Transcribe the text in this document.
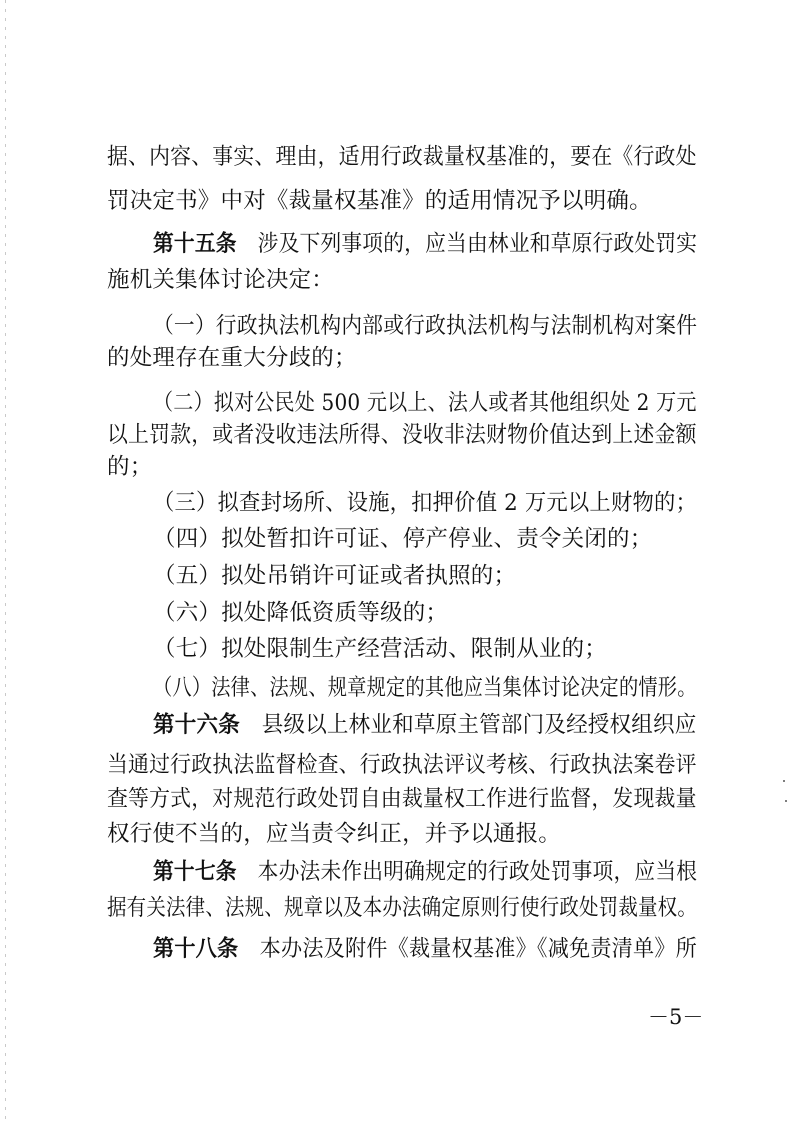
据、内容、事实、理由，适用行政裁量权基准的，要在《行政处
罚决定书》中对《裁量权基准》的适用情况予以明确。
第十五条　 涉及下列事项的，应当由林业和草原行政处罚实
施机关集体讨论决定：
（一）行政执法机构内部或行政执法机构与法制机构对案件
的处理存在重大分歧的；
（二）拟对公民处 500 元以上、法人或者其他组织处 2 万元
以上罚款，或者没收违法所得、没收非法财物价值达到上述金额
的；
（三）拟查封场所、设施，扣押价值 2 万元以上财物的；
（四）拟处暂扣许可证、停产停业、责令关闭的；
（五）拟处吊销许可证或者执照的；
（六）拟处降低资质等级的；
（七）拟处限制生产经营活动、限制从业的；
（八）法律、法规、规章规定的其他应当集体讨论决定的情形。
第十六条　 县级以上林业和草原主管部门及经授权组织应
当通过行政执法监督检查、行政执法评议考核、行政执法案卷评
查等方式，对规范行政处罚自由裁量权工作进行监督，发现裁量
权行使不当的，应当责令纠正，并予以通报。
第十七条　 本办法未作出明确规定的行政处罚事项，应当根
据有关法律、法规、规章以及本办法确定原则行使行政处罚裁量权。
第十八条　 本办法及附件《裁量权基准》《减免责清单》所
－5－
